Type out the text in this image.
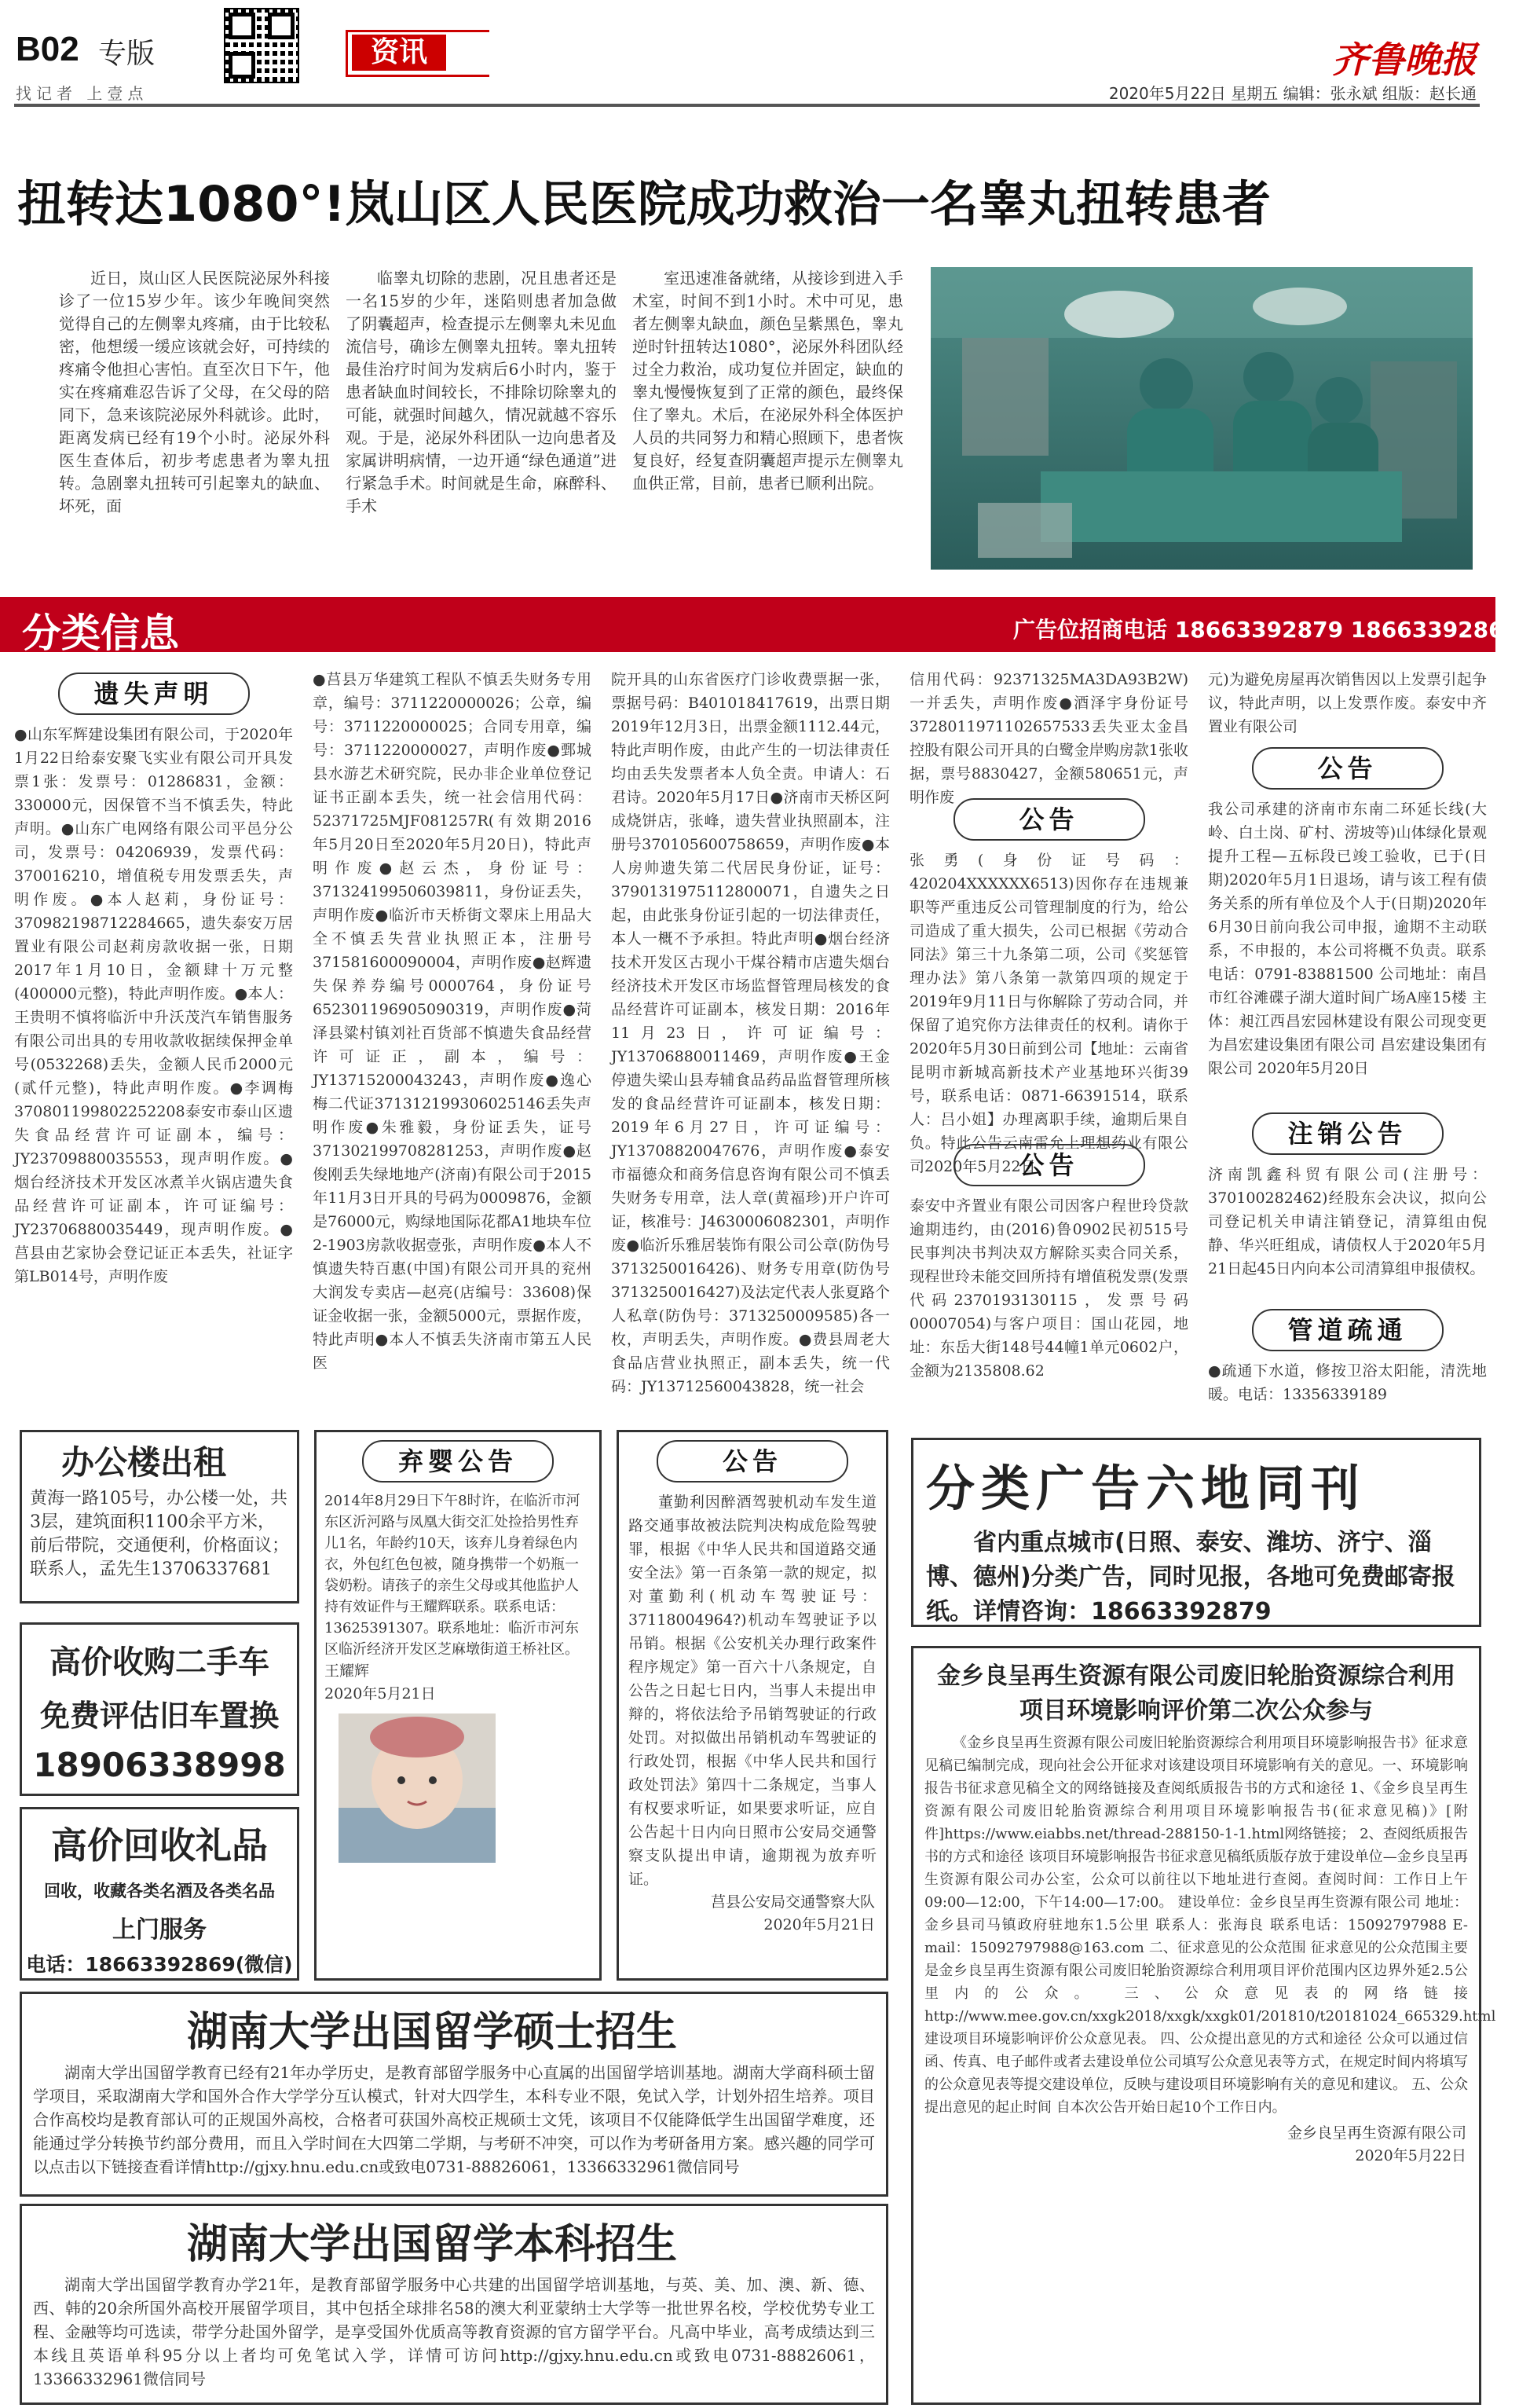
B02 专版	资讯	齐鲁晚报
找记者 上壹点	2020年5月22日 星期五 编辑：张永斌 组版：赵长通
扭转达1080°!岚山区人民医院成功救治一名睾丸扭转患者
近日，岚山区人民医院泌尿外科接诊了一位15岁少年。该少年晚间突然觉得自己的左侧睾丸疼痛，由于比较私密，他想缓一缓应该就会好，可持续的疼痛令他担心害怕。直至次日下午，他实在疼痛难忍告诉了父母，在父母的陪同下，急来该院泌尿外科就诊。此时，距离发病已经有19个小时。泌尿外科医生查体后，初步考虑患者为睾丸扭转。急剧睾丸扭转可引起睾丸的缺血、坏死，面
临睾丸切除的悲剧，况且患者还是一名15岁的少年，迷陷则患者加急做了阴囊超声，检查提示左侧睾丸未见血流信号，确诊左侧睾丸扭转。睾丸扭转最佳治疗时间为发病后6小时内，鉴于患者缺血时间较长，不排除切除睾丸的可能，就强时间越久，情况就越不容乐观。于是，泌尿外科团队一边向患者及家属讲明病情，一边开通“绿色通道”进行紧急手术。时间就是生命，麻醉科、手术
室迅速准备就绪，从接诊到进入手术室，时间不到1小时。术中可见，患者左侧睾丸缺血，颜色呈紫黑色，睾丸逆时针扭转达1080°，泌尿外科团队经过全力救治，成功复位并固定，缺血的睾丸慢慢恢复到了正常的颜色，最终保住了睾丸。术后，在泌尿外科全体医护人员的共同努力和精心照顾下，患者恢复良好，经复查阴囊超声提示左侧睾丸血供正常，目前，患者已顺利出院。
分类信息	广告位招商电话 18663392879 18663392869
遗失声明
●山东军辉建设集团有限公司，于2020年1月22日给泰安聚飞实业有限公司开具发票1张：发票号：01286831，金额：330000元，因保管不当不慎丢失，特此声明。●山东广电网络有限公司平邑分公司，发票号：04206939，发票代码：370016210，增值税专用发票丢失，声明作废。●本人赵莉，身份证号：370982198712284665，遗失泰安万居置业有限公司赵莉房款收据一张，日期2017年1月10日，金额肆十万元整(400000元整)，特此声明作废。●本人：王贵明不慎将临沂中升沃茂汽车销售服务有限公司出具的专用收款收据续保押金单号(0532268)丢失，金额人民币2000元(贰仟元整)，特此声明作废。●李调梅370801199802252208泰安市泰山区遗失食品经营许可证副本，编号：JY23709880035553，现声明作废。●烟台经济技术开发区冰煮羊火锅店遗失食品经营许可证副本，许可证编号：JY23706880035449，现声明作废。●莒县由艺家协会登记证正本丢失，社证字第LB014号，声明作废
●莒县万华建筑工程队不慎丢失财务专用章，编号：3711220000026；公章，编号：3711220000025；合同专用章，编号：3711220000027，声明作废●鄄城县水游艺术研究院，民办非企业单位登记证书正副本丢失，统一社会信用代码：52371725MJF081257R(有效期2016年5月20日至2020年5月20日)，特此声明作废●赵云杰，身份证号：371324199506039811，身份证丢失，声明作废●临沂市天桥街文翠床上用品大全不慎丢失营业执照正本，注册号371581600090004，声明作废●赵辉遗失保养券编号0000764，身份证号652301196905090319，声明作废●菏泽县粱村镇刘社百货部不慎遗失食品经营许可证正，副本，编号：JY13715200043243，声明作废●逸心梅二代证371312199306025146丢失声明作废●朱雅毅，身份证丢失，证号371302199708281253，声明作废●赵俊刚丢失绿地地产(济南)有限公司于2015年11月3日开具的号码为0009876，金额是76000元，购绿地国际花都A1地块车位2-1903房款收据壹张，声明作废●本人不慎遗失特百惠(中国)有限公司开具的兖州大润发专卖店—赵亮(店编号：33608)保证金收据一张，金额5000元，票据作废，特此声明●本人不慎丢失济南市第五人民医
院开具的山东省医疗门诊收费票据一张，票据号码：B401018417619，出票日期2019年12月3日，出票金额1112.44元，特此声明作废，由此产生的一切法律责任均由丢失发票者本人负全责。申请人：石君诗。2020年5月17日●济南市天桥区阿成烧饼店，张峰，遗失营业执照副本，注册号370105600758659，声明作废●本人房帅遗失第二代居民身份证，证号：3790131975112800071，自遗失之日起，由此张身份证引起的一切法律责任，本人一概不予承担。特此声明●烟台经济技术开发区古现小干煤谷精市店遗失烟台经济技术开发区市场监督管理局核发的食品经营许可证副本，核发日期：2016年11月23日，许可证编号：JY13706880011469，声明作废●王金停遗失梁山县寿辅食品药品监督管理所核发的食品经营许可证副本，核发日期：2019年6月27日，许可证编号：JY13708820047676，声明作废●泰安市福德众和商务信息咨询有限公司不慎丢失财务专用章，法人章(黄福珍)开户许可证，核准号：J4630006082301，声明作废●临沂乐雅居装饰有限公司公章(防伪号3713250016426)、财务专用章(防伪号3713250016427)及法定代表人张夏路个人私章(防伪号：3713250009585)各一枚，声明丢失，声明作废。●费县周老大食品店营业执照正，副本丢失，统一代码：JY13712560043828，统一社会
信用代码：92371325MA3DA93B2W)一并丢失，声明作废●酒泽宇身份证号3728011971102657533丢失亚太金昌控股有限公司开具的白鹭金岸购房款1张收据，票号8830427，金额580651元，声明作废
公告
张勇(身份证号码：420204XXXXXX6513)因你存在违规兼职等严重违反公司管理制度的行为，给公司造成了重大损失，公司已根据《劳动合同法》第三十九条第二项，公司《奖惩管理办法》第八条第一款第四项的规定于2019年9月11日与你解除了劳动合同，并保留了追究你方法律责任的权利。请你于2020年5月30日前到公司【地址：云南省昆明市新城高新技术产业基地环兴街39号，联系电话：0871-66391514，联系人：吕小姐】办理离职手续，逾期后果自负。特此公告云南雷允上理想药业有限公司2020年5月22日
公告
泰安中齐置业有限公司因客户程世玲贷款逾期违约，由(2016)鲁0902民初515号民事判决书判决双方解除买卖合同关系，现程世玲未能交回所持有增值税发票(发票代码2370193130115，发票号码00007054)与客户项目：国山花园，地址：东岳大街148号44幢1单元0602户，金额为2135808.62
元)为避免房屋再次销售因以上发票引起争议，特此声明，以上发票作废。泰安中齐置业有限公司
公告
我公司承建的济南市东南二环延长线(大岭、白土岗、矿村、涝坡等)山体绿化景观提升工程—五标段已竣工验收，已于(日期)2020年5月1日退场，请与该工程有债务关系的所有单位及个人于(日期)2020年6月30日前向我公司申报，逾期不主动联系，不申报的，本公司将概不负责。联系电话：0791-83881500 公司地址：南昌市红谷滩碟子湖大道时间广场A座15楼 主体：昶江西昌宏园林建设有限公司现变更为昌宏建设集团有限公司 昌宏建设集团有限公司 2020年5月20日
注销公告
济南凯鑫科贸有限公司(注册号：370100282462)经股东会决议，拟向公司登记机关申请注销登记，清算组由倪静、华兴旺组成，请债权人于2020年5月21日起45日内向本公司清算组申报债权。
管道疏通
●疏通下水道，修按卫浴太阳能，清洗地暖。电话：13356339189
办公楼出租
黄海一路105号，办公楼一处，共3层，建筑面积1100余平方米，前后带院，交通便利，价格面议；联系人，孟先生13706337681
高价收购二手车
免费评估旧车置换
18906338998
高价回收礼品
回收，收藏各类名酒及各类名品
上门服务
电话：18663392869(微信)
弃婴公告
2014年8月29日下午8时许，在临沂市河东区沂河路与凤凰大街交汇处捡拾男性弃儿1名，年龄约10天，该弃儿身着绿色内衣，外包红色包被，随身携带一个奶瓶一袋奶粉。请孩子的亲生父母或其他监护人持有效证件与王耀辉联系。联系电话：13625391307。联系地址：临沂市河东区临沂经济开发区芝麻墩街道王桥社区。
王耀辉
2020年5月21日
公告
董勤利因醉酒驾驶机动车发生道路交通事故被法院判决构成危险驾驶罪，根据《中华人民共和国道路交通安全法》第一百条第一款的规定，拟对董勤利(机动车驾驶证号：37118004964?)机动车驾驶证予以吊销。根据《公安机关办理行政案件程序规定》第一百六十八条规定，自公告之日起七日内，当事人未提出申辩的，将依法给予吊销驾驶证的行政处罚。对拟做出吊销机动车驾驶证的行政处罚，根据《中华人民共和国行政处罚法》第四十二条规定，当事人有权要求听证，如果要求听证，应自公告起十日内向日照市公安局交通警察支队提出申请，逾期视为放弃听证。
莒县公安局交通警察大队
2020年5月21日
分类广告六地同刊
省内重点城市(日照、泰安、潍坊、济宁、淄博、德州)分类广告，同时见报，各地可免费邮寄报纸。详情咨询：18663392879
金乡良呈再生资源有限公司废旧轮胎资源综合利用项目环境影响评价第二次公众参与
《金乡良呈再生资源有限公司废旧轮胎资源综合利用项目环境影响报告书》征求意见稿已编制完成，现向社会公开征求对该建设项目环境影响有关的意见。一、环境影响报告书征求意见稿全文的网络链接及查阅纸质报告书的方式和途径 1、《金乡良呈再生资源有限公司废旧轮胎资源综合利用项目环境影响报告书(征求意见稿)》[附件]https://www.eiabbs.net/thread-288150-1-1.html网络链接； 2、查阅纸质报告书的方式和途径 该项目环境影响报告书征求意见稿纸质版存放于建设单位—金乡良呈再生资源有限公司办公室，公众可以前往以下地址进行查阅。查阅时间：工作日上午09:00—12:00，下午14:00—17:00。 建设单位：金乡良呈再生资源有限公司 地址：金乡县司马镇政府驻地东1.5公里 联系人：张海良 联系电话：15092797988 E-mail：15092797988@163.com 二、征求意见的公众范围 征求意见的公众范围主要是金乡良呈再生资源有限公司废旧轮胎资源综合利用项目评价范围内区边界外延2.5公里内的公众。 三、公众意见表的网络链接 http://www.mee.gov.cn/xxgk2018/xxgk/xxgk01/201810/t20181024_665329.html 建设项目环境影响评价公众意见表。 四、公众提出意见的方式和途径 公众可以通过信函、传真、电子邮件或者去建设单位公司填写公众意见表等方式，在规定时间内将填写的公众意见表等提交建设单位，反映与建设项目环境影响有关的意见和建议。 五、公众提出意见的起止时间 自本次公告开始日起10个工作日内。
金乡良呈再生资源有限公司
2020年5月22日
湖南大学出国留学硕士招生
湖南大学出国留学教育已经有21年办学历史，是教育部留学服务中心直属的出国留学培训基地。湖南大学商科硕士留学项目，采取湖南大学和国外合作大学学分互认模式，针对大四学生，本科专业不限，免试入学，计划外招生培养。项目合作高校均是教育部认可的正规国外高校，合格者可获国外高校正规硕士文凭，该项目不仅能降低学生出国留学难度，还能通过学分转换节约部分费用，而且入学时间在大四第二学期，与考研不冲突，可以作为考研备用方案。感兴趣的同学可以点击以下链接查看详情http://gjxy.hnu.edu.cn或致电0731-88826061，13366332961微信同号
湖南大学出国留学本科招生
湖南大学出国留学教育办学21年，是教育部留学服务中心共建的出国留学培训基地，与英、美、加、澳、新、德、西、韩的20余所国外高校开展留学项目，其中包括全球排名58的澳大利亚蒙纳士大学等一批世界名校，学校优势专业工程、金融等均可选读，带学分赴国外留学，是享受国外优质高等教育资源的官方留学平台。凡高中毕业，高考成绩达到三本线且英语单科95分以上者均可免笔试入学，详情可访问http://gjxy.hnu.edu.cn或致电0731-88826061，13366332961微信同号
